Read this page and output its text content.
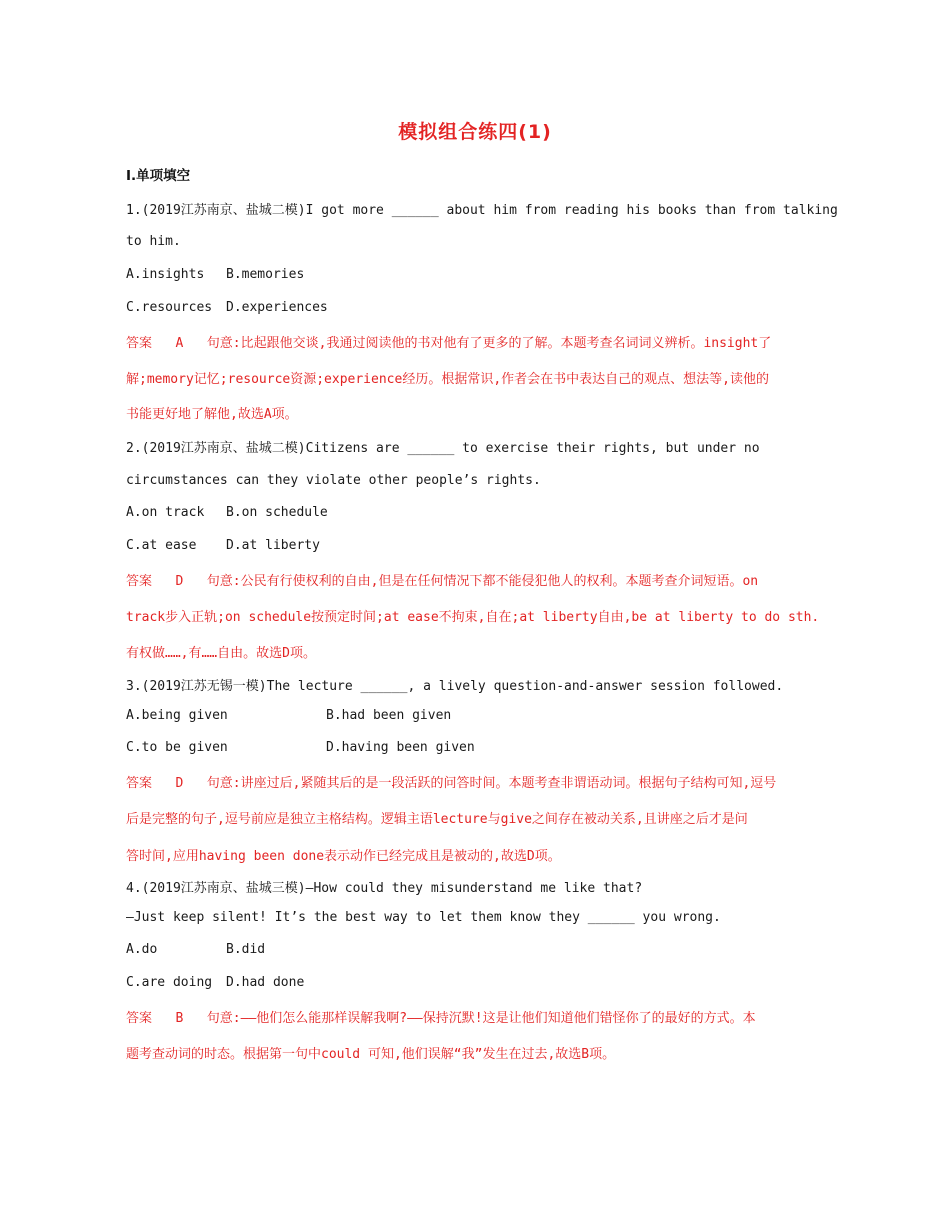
模拟组合练四(1)
Ⅰ.单项填空
1.(2019江苏南京、盐城二模)I got more ______ about him from reading his books than from talking
to him.
A.insights B.memories
C.resources D.experiences
答案   A   句意:比起跟他交谈,我通过阅读他的书对他有了更多的了解。本题考查名词词义辨析。insight了
解;memory记忆;resource资源;experience经历。根据常识,作者会在书中表达自己的观点、想法等,读他的
书能更好地了解他,故选A项。
2.(2019江苏南京、盐城二模)Citizens are ______ to exercise their rights, but under no
circumstances can they violate other people’s rights.
A.on track B.on schedule
C.at ease D.at liberty
答案   D   句意:公民有行使权利的自由,但是在任何情况下都不能侵犯他人的权利。本题考查介词短语。on
track步入正轨;on schedule按预定时间;at ease不拘束,自在;at liberty自由,be at liberty to do sth.
有权做……,有……自由。故选D项。
3.(2019江苏无锡一模)The lecture ______, a lively question-and-answer session followed.
A.being given	B.had been given
C.to be given	D.having been given
答案   D   句意:讲座过后,紧随其后的是一段活跃的问答时间。本题考查非谓语动词。根据句子结构可知,逗号
后是完整的句子,逗号前应是独立主格结构。逻辑主语lecture与give之间存在被动关系,且讲座之后才是问
答时间,应用having been done表示动作已经完成且是被动的,故选D项。
4.(2019江苏南京、盐城三模)—How could they misunderstand me like that?
—Just keep silent! It’s the best way to let them know they ______ you wrong.
A.do	B.did
C.are doing D.had done
答案   B   句意:——他们怎么能那样误解我啊?——保持沉默!这是让他们知道他们错怪你了的最好的方式。本
题考查动词的时态。根据第一句中could 可知,他们误解“我”发生在过去,故选B项。
